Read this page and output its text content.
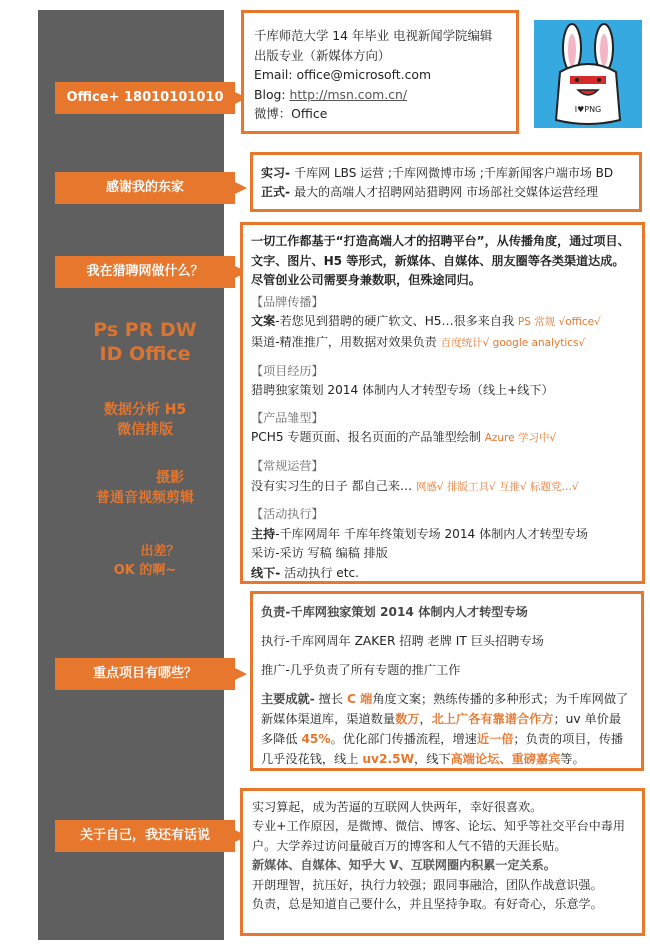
Ps PR DW
ID Office
数据分析 H5
微信排版
摄影
普通音视频剪辑
出差？
OK 的啊~
Office+ 18010101010
感谢我的东家
我在猎聘网做什么？
重点项目有哪些？
关于自己，我还有话说
千库师范大学 14 年毕业 电视新闻学院编辑
出版专业（新媒体方向）
Email: office@microsoft.com
Blog: http://msn.com.cn/
微博：Office	I♥PNG
实习- 千库网 LBS 运营 ;千库网微博市场 ;千库新闻客户端市场 BD
正式- 最大的高端人才招聘网站猎聘网 市场部社交媒体运营经理
一切工作都基于“打造高端人才的招聘平台”，从传播角度，通过项目、文字、图片、H5 等形式，新媒体、自媒体、朋友圈等各类渠道达成。尽管创业公司需要身兼数职，但殊途同归。
【品牌传播】
文案-若您见到猎聘的硬广软文、H5…很多来自我 PS 常规 √office√
渠道-精准推广，用数据对效果负责 百度统计√ google analytics√
【项目经历】
猎聘独家策划 2014 体制内人才转型专场（线上+线下）
【产品雏型】
PCH5 专题页面、报名页面的产品雏型绘制 Azure 学习中√
【常规运营】
没有实习生的日子 都自己来… 网感√ 排版工具√ 互推√ 标题党…√
【活动执行】
主持-千库网周年 千库年终策划专场 2014 体制内人才转型专场
采访-采访 写稿 编稿 排版
线下- 活动执行 etc.
负责-千库网独家策划 2014 体制内人才转型专场
执行-千库网周年 ZAKER 招聘 老牌 IT 巨头招聘专场
推广-几乎负责了所有专题的推广工作
主要成就- 擅长 C 端角度文案；熟练传播的多种形式；为千库网做了新媒体渠道库，渠道数量数万，北上广各有靠谱合作方；uv 单价最多降低 45%。优化部门传播流程，增速近一倍；负责的项目，传播几乎没花钱，线上 uv2.5W，线下高端论坛、重磅嘉宾等。
实习算起，成为苦逼的互联网人快两年，幸好很喜欢。
专业+工作原因，是微博、微信、博客、论坛、知乎等社交平台中毒用户。大学养过访问量破百万的博客和人气不错的天涯长贴。
新媒体、自媒体、知乎大 V、互联网圈内积累一定关系。
开朗理智，抗压好，执行力较强；跟同事融洽，团队作战意识强。
负责，总是知道自己要什么，并且坚持争取。有好奇心，乐意学。
